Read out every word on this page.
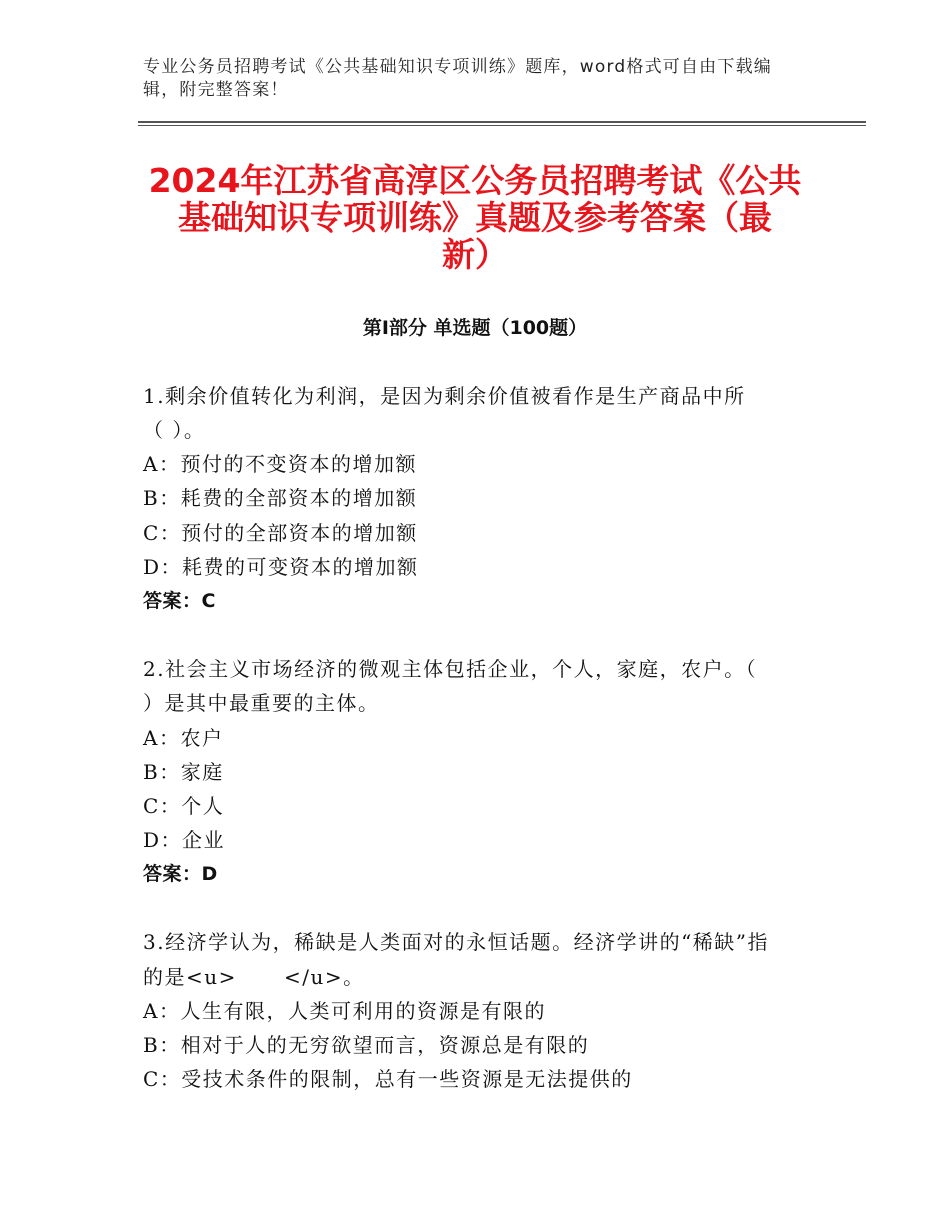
专业公务员招聘考试《公共基础知识专项训练》题库，word格式可自由下载编
辑，附完整答案！
2024年江苏省高淳区公务员招聘考试《公共
基础知识专项训练》真题及参考答案（最
新）
第Ⅰ部分 单选题（100题）
1.剩余价值转化为利润，是因为剩余价值被看作是生产商品中所
（ ）。
A：预付的不变资本的增加额
B：耗费的全部资本的增加额
C：预付的全部资本的增加额
D：耗费的可变资本的增加额
答案：C
2.社会主义市场经济的微观主体包括企业，个人，家庭，农户。（
）是其中最重要的主体。
A：农户
B：家庭
C：个人
D：企业
答案：D
3.经济学认为，稀缺是人类面对的永恒话题。经济学讲的“稀缺”指
的是<u>      </u>。
A：人生有限，人类可利用的资源是有限的
B：相对于人的无穷欲望而言，资源总是有限的
C：受技术条件的限制，总有一些资源是无法提供的
